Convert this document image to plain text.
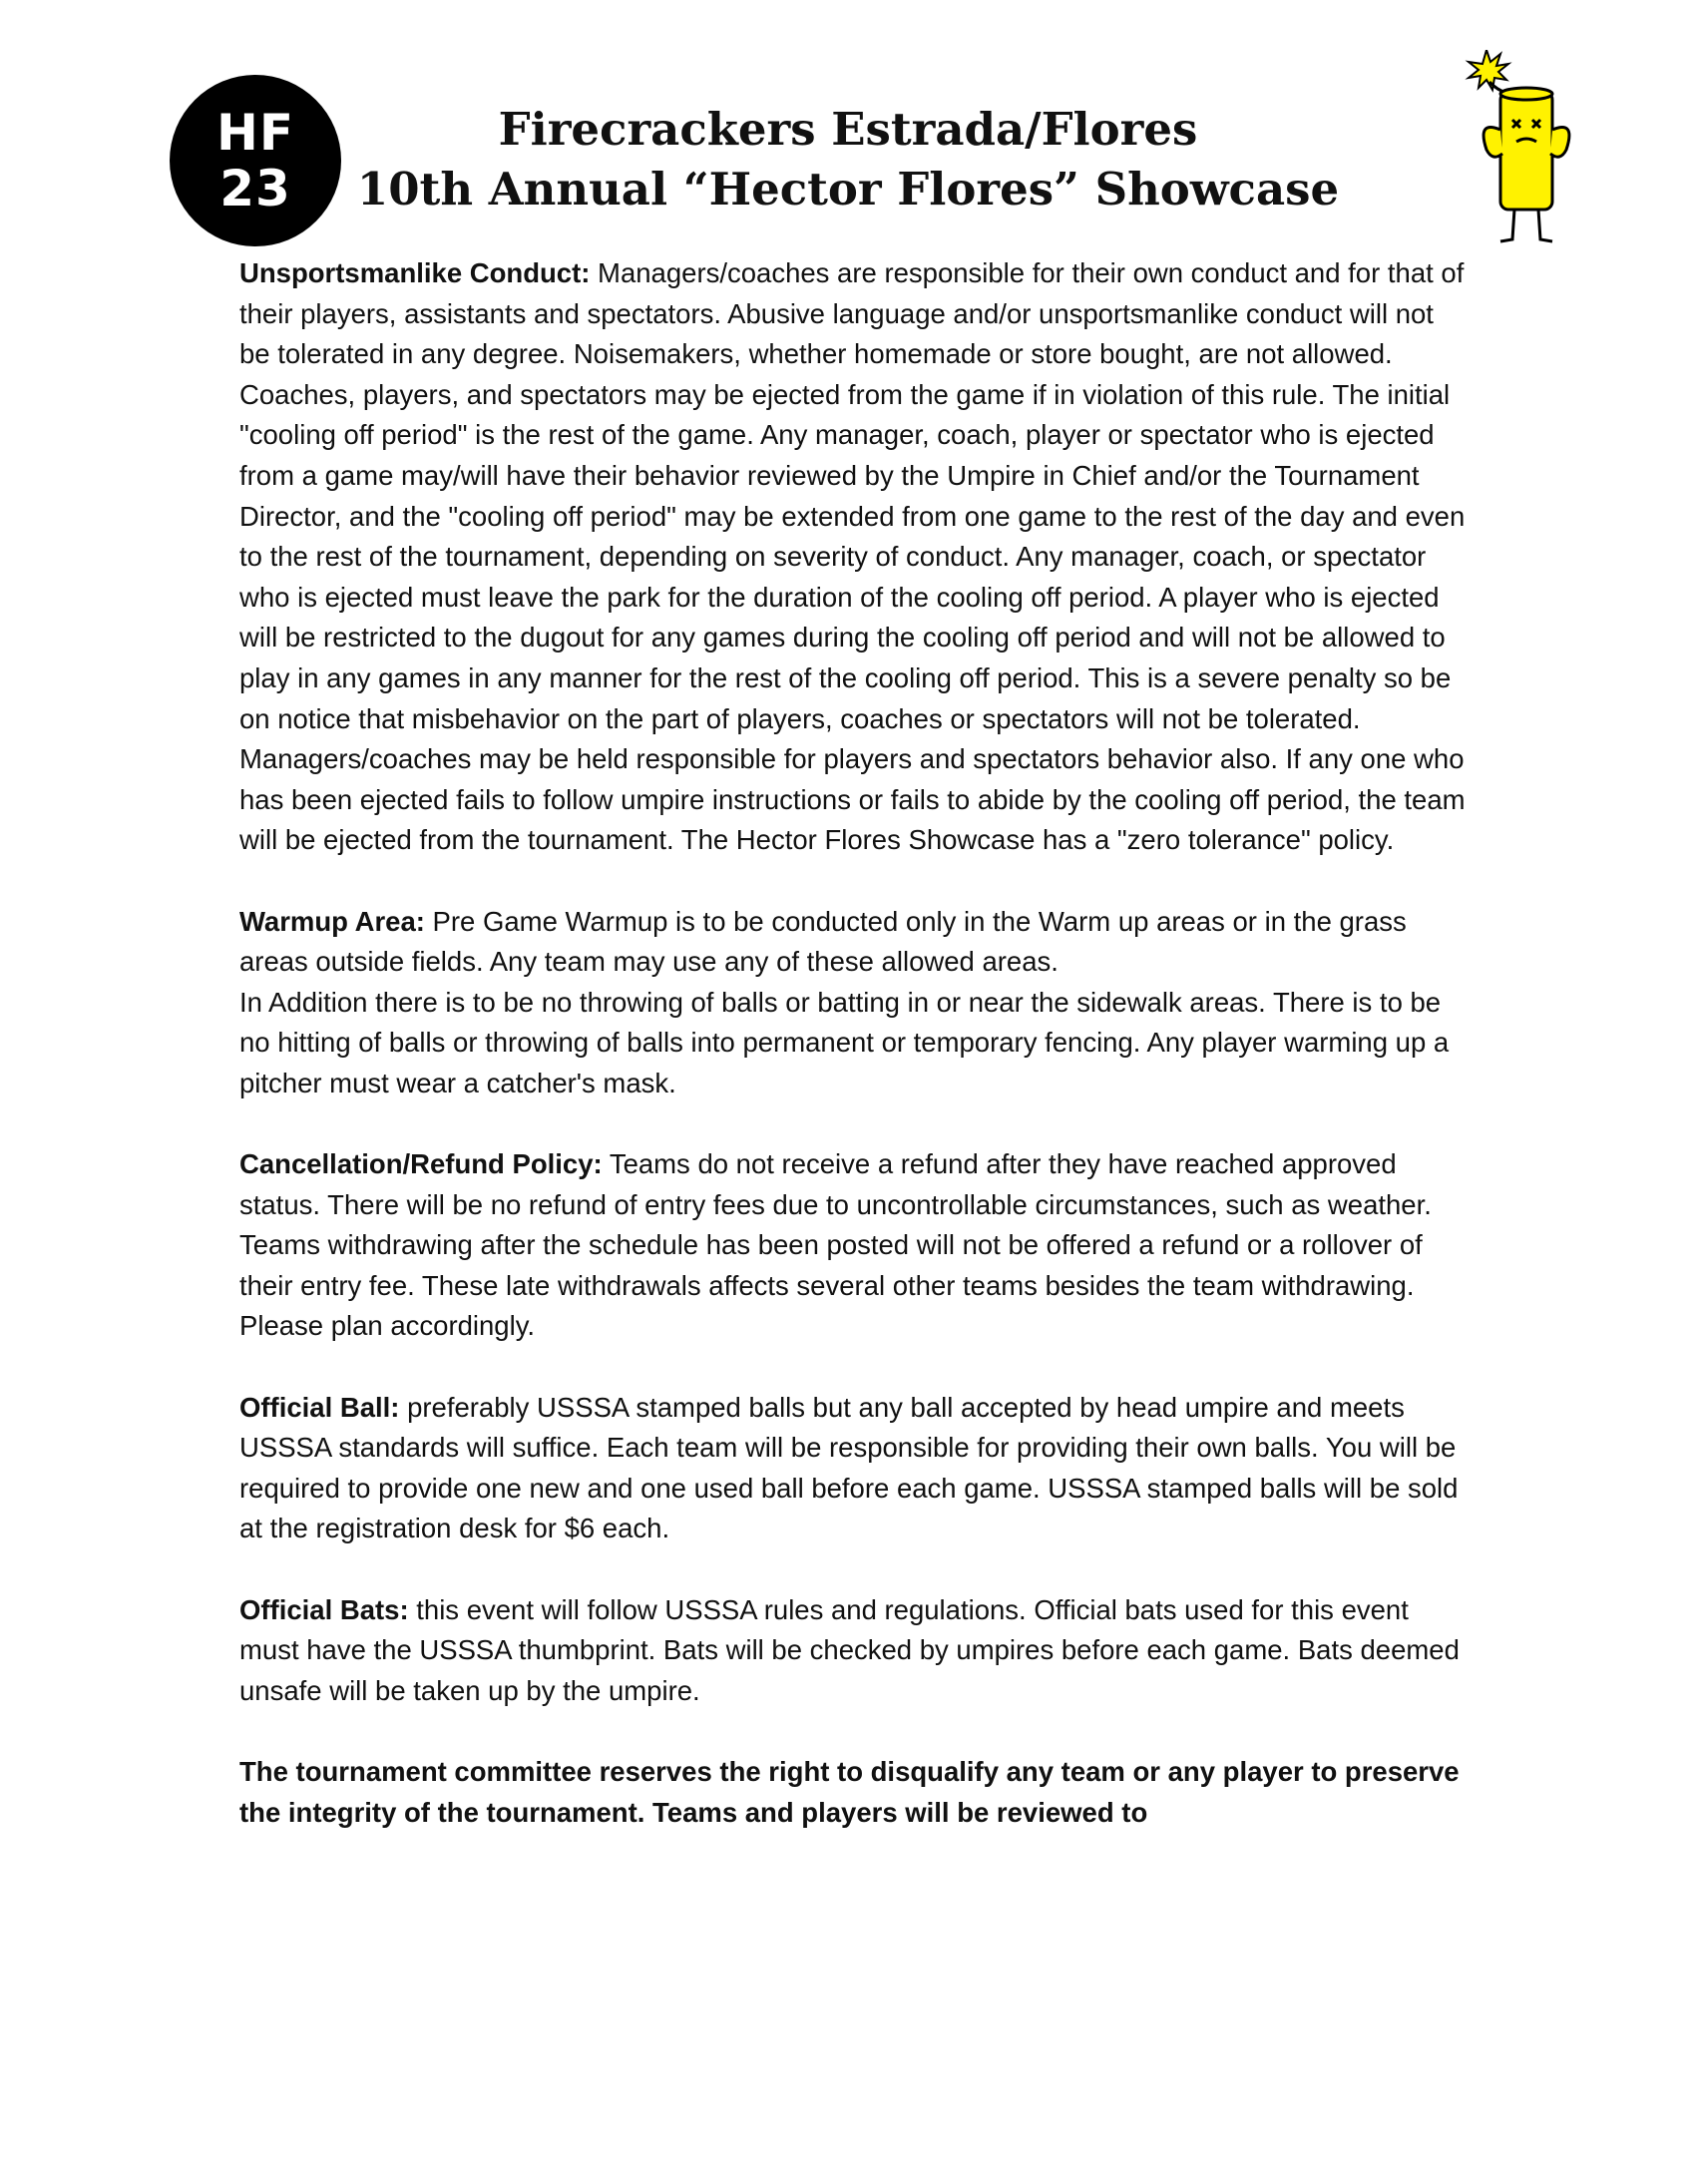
HF
23
Firecrackers Estrada/Flores
10th Annual “Hector Flores” Showcase

Unsportsmanlike Conduct: Managers/coaches are responsible for their own conduct and for that of their players, assistants and spectators. Abusive language and/or unsportsmanlike conduct will not be tolerated in any degree. Noisemakers, whether homemade or store bought, are not allowed. Coaches, players, and spectators may be ejected from the game if in violation of this rule. The initial "cooling off period" is the rest of the game. Any manager, coach, player or spectator who is ejected from a game may/will have their behavior reviewed by the Umpire in Chief and/or the Tournament Director, and the "cooling off period" may be extended from one game to the rest of the day and even to the rest of the tournament, depending on severity of conduct. Any manager, coach, or spectator who is ejected must leave the park for the duration of the cooling off period. A player who is ejected will be restricted to the dugout for any games during the cooling off period and will not be allowed to play in any games in any manner for the rest of the cooling off period. This is a severe penalty so be on notice that misbehavior on the part of players, coaches or spectators will not be tolerated. Managers/coaches may be held responsible for players and spectators behavior also. If any one who has been ejected fails to follow umpire instructions or fails to abide by the cooling off period, the team will be ejected from the tournament. The Hector Flores Showcase has a "zero tolerance" policy.

Warmup Area: Pre Game Warmup is to be conducted only in the Warm up areas or in the grass areas outside fields. Any team may use any of these allowed areas.
In Addition there is to be no throwing of balls or batting in or near the sidewalk areas. There is to be no hitting of balls or throwing of balls into permanent or temporary fencing. Any player warming up a pitcher must wear a catcher's mask.

Cancellation/Refund Policy: Teams do not receive a refund after they have reached approved status. There will be no refund of entry fees due to uncontrollable circumstances, such as weather. Teams withdrawing after the schedule has been posted will not be offered a refund or a rollover of their entry fee. These late withdrawals affects several other teams besides the team withdrawing. Please plan accordingly.

Official Ball: preferably USSSA stamped balls but any ball accepted by head umpire and meets USSSA standards will suffice. Each team will be responsible for providing their own balls. You will be required to provide one new and one used ball before each game. USSSA stamped balls will be sold at the registration desk for $6 each.

Official Bats: this event will follow USSSA rules and regulations. Official bats used for this event must have the USSSA thumbprint. Bats will be checked by umpires before each game. Bats deemed unsafe will be taken up by the umpire.

The tournament committee reserves the right to disqualify any team or any player to preserve the integrity of the tournament. Teams and players will be reviewed to
